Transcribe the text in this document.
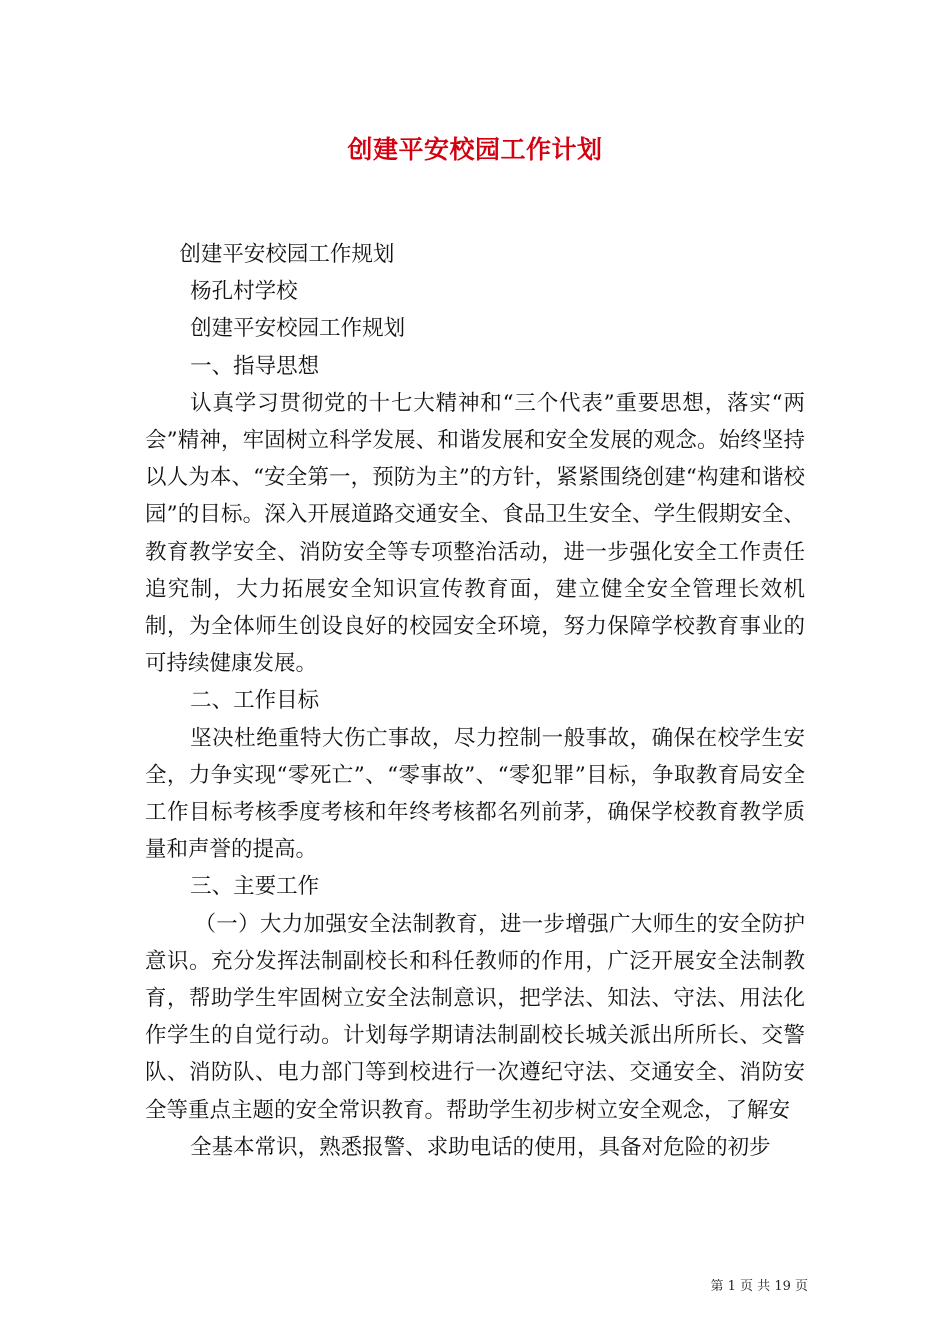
创建平安校园工作计划

创建平安校园工作规划

杨孔村学校

创建平安校园工作规划

一、指导思想

认真学习贯彻党的十七大精神和“三个代表”重要思想，落实“两会”精神，牢固树立科学发展、和谐发展和安全发展的观念。始终坚持以人为本、“安全第一，预防为主”的方针，紧紧围绕创建“构建和谐校园”的目标。深入开展道路交通安全、食品卫生安全、学生假期安全、教育教学安全、消防安全等专项整治活动，进一步强化安全工作责任追究制，大力拓展安全知识宣传教育面，建立健全安全管理长效机制，为全体师生创设良好的校园安全环境，努力保障学校教育事业的可持续健康发展。

二、工作目标

坚决杜绝重特大伤亡事故，尽力控制一般事故，确保在校学生安全，力争实现“零死亡”、“零事故”、“零犯罪”目标，争取教育局安全工作目标考核季度考核和年终考核都名列前茅，确保学校教育教学质量和声誉的提高。

三、主要工作

（一）大力加强安全法制教育，进一步增强广大师生的安全防护意识。充分发挥法制副校长和科任教师的作用，广泛开展安全法制教育，帮助学生牢固树立安全法制意识，把学法、知法、守法、用法化作学生的自觉行动。计划每学期请法制副校长城关派出所所长、交警队、消防队、电力部门等到校进行一次遵纪守法、交通安全、消防安全等重点主题的安全常识教育。帮助学生初步树立安全观念，了解安

全基本常识，熟悉报警、求助电话的使用，具备对危险的初步

第 1 页 共 19 页
